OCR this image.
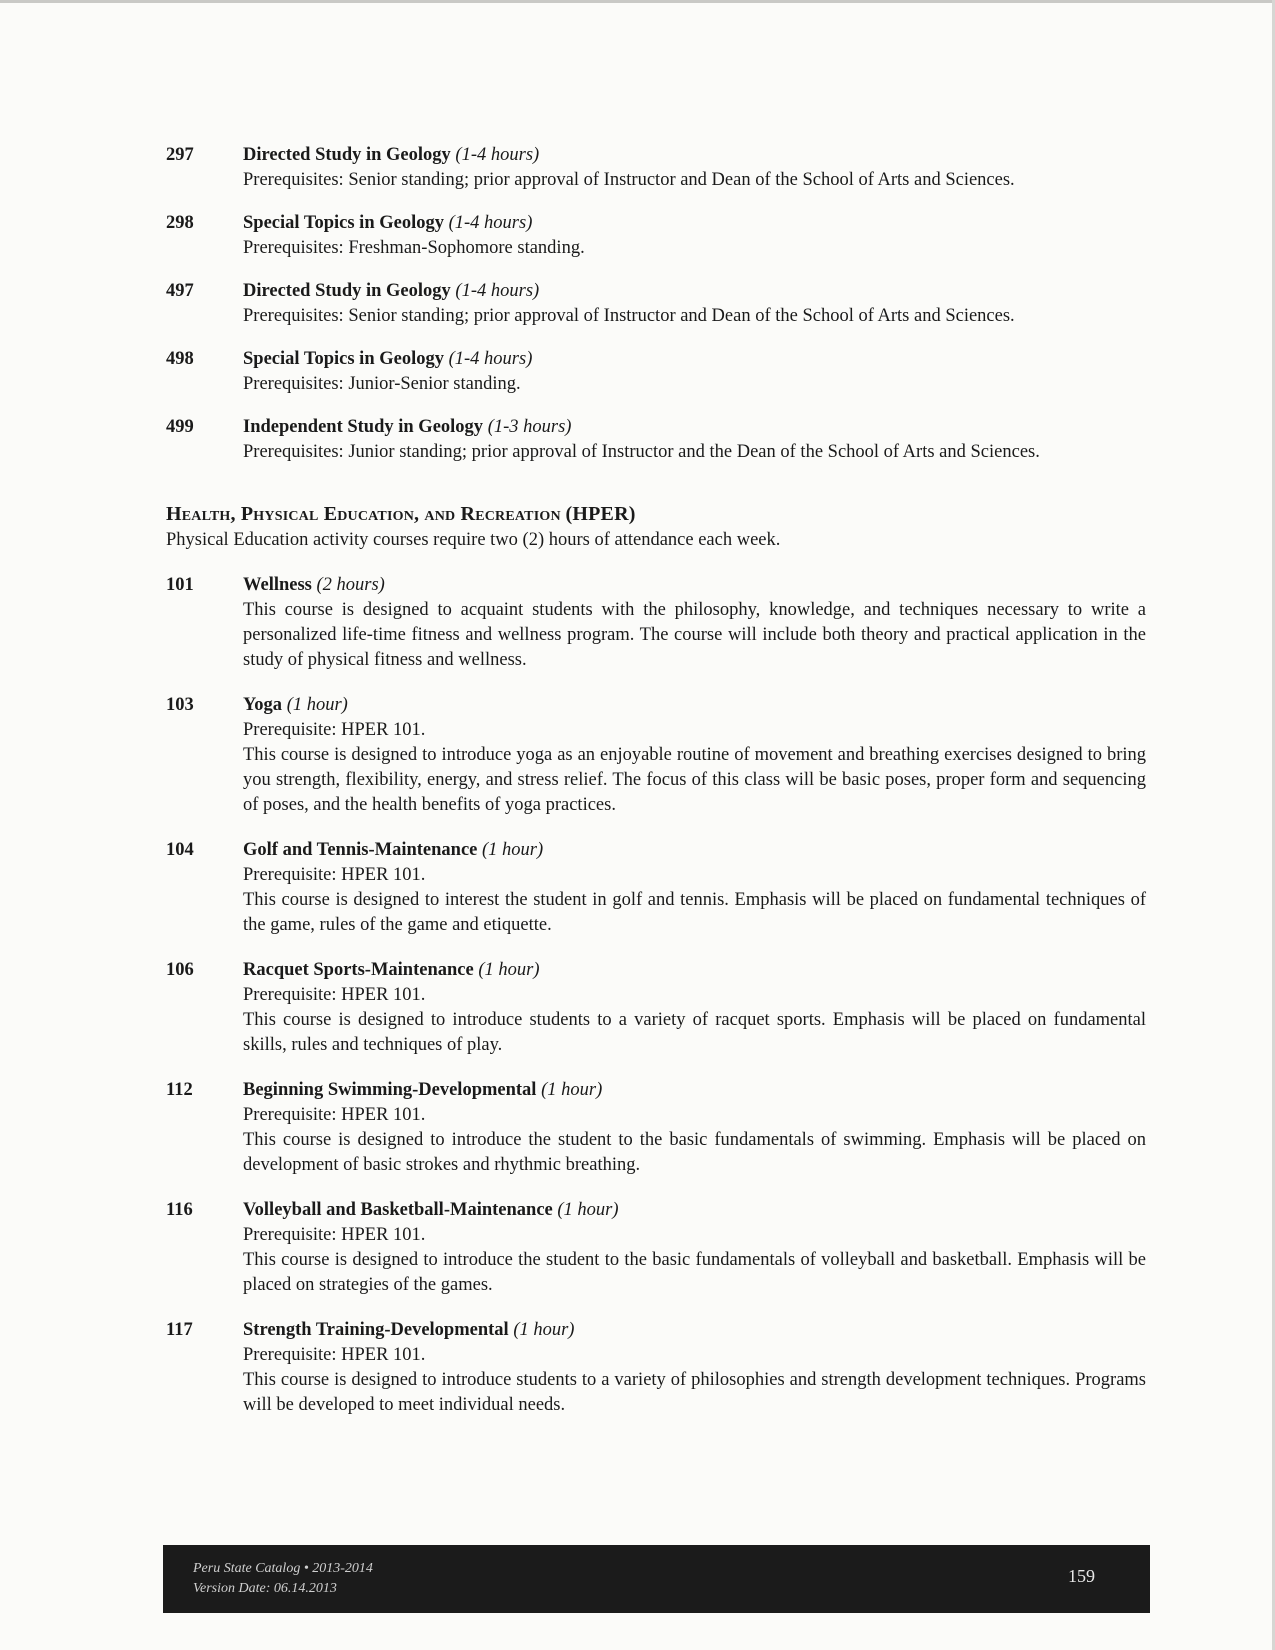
297	Directed Study in Geology (1-4 hours)
Prerequisites: Senior standing; prior approval of Instructor and Dean of the School of Arts and Sciences.
298	Special Topics in Geology (1-4 hours)
Prerequisites: Freshman-Sophomore standing.
497	Directed Study in Geology (1-4 hours)
Prerequisites: Senior standing; prior approval of Instructor and Dean of the School of Arts and Sciences.
498	Special Topics in Geology (1-4 hours)
Prerequisites: Junior-Senior standing.
499	Independent Study in Geology (1-3 hours)
Prerequisites: Junior standing; prior approval of Instructor and the Dean of the School of Arts and Sciences.
Health, Physical Education, and Recreation (HPER)
Physical Education activity courses require two (2) hours of attendance each week.
101	Wellness (2 hours)
This course is designed to acquaint students with the philosophy, knowledge, and techniques necessary to write a personalized life-time fitness and wellness program. The course will include both theory and practical application in the study of physical fitness and wellness.
103	Yoga (1 hour)
Prerequisite: HPER 101.
This course is designed to introduce yoga as an enjoyable routine of movement and breathing exercises designed to bring you strength, flexibility, energy, and stress relief. The focus of this class will be basic poses, proper form and sequencing of poses, and the health benefits of yoga practices.
104	Golf and Tennis-Maintenance (1 hour)
Prerequisite: HPER 101.
This course is designed to interest the student in golf and tennis. Emphasis will be placed on fundamental techniques of the game, rules of the game and etiquette.
106	Racquet Sports-Maintenance (1 hour)
Prerequisite: HPER 101.
This course is designed to introduce students to a variety of racquet sports. Emphasis will be placed on fundamental skills, rules and techniques of play.
112	Beginning Swimming-Developmental (1 hour)
Prerequisite: HPER 101.
This course is designed to introduce the student to the basic fundamentals of swimming. Emphasis will be placed on development of basic strokes and rhythmic breathing.
116	Volleyball and Basketball-Maintenance (1 hour)
Prerequisite: HPER 101.
This course is designed to introduce the student to the basic fundamentals of volleyball and basketball. Emphasis will be placed on strategies of the games.
117	Strength Training-Developmental (1 hour)
Prerequisite: HPER 101.
This course is designed to introduce students to a variety of philosophies and strength development techniques. Programs will be developed to meet individual needs.
Peru State Catalog • 2013-2014
Version Date: 06.14.2013
159
